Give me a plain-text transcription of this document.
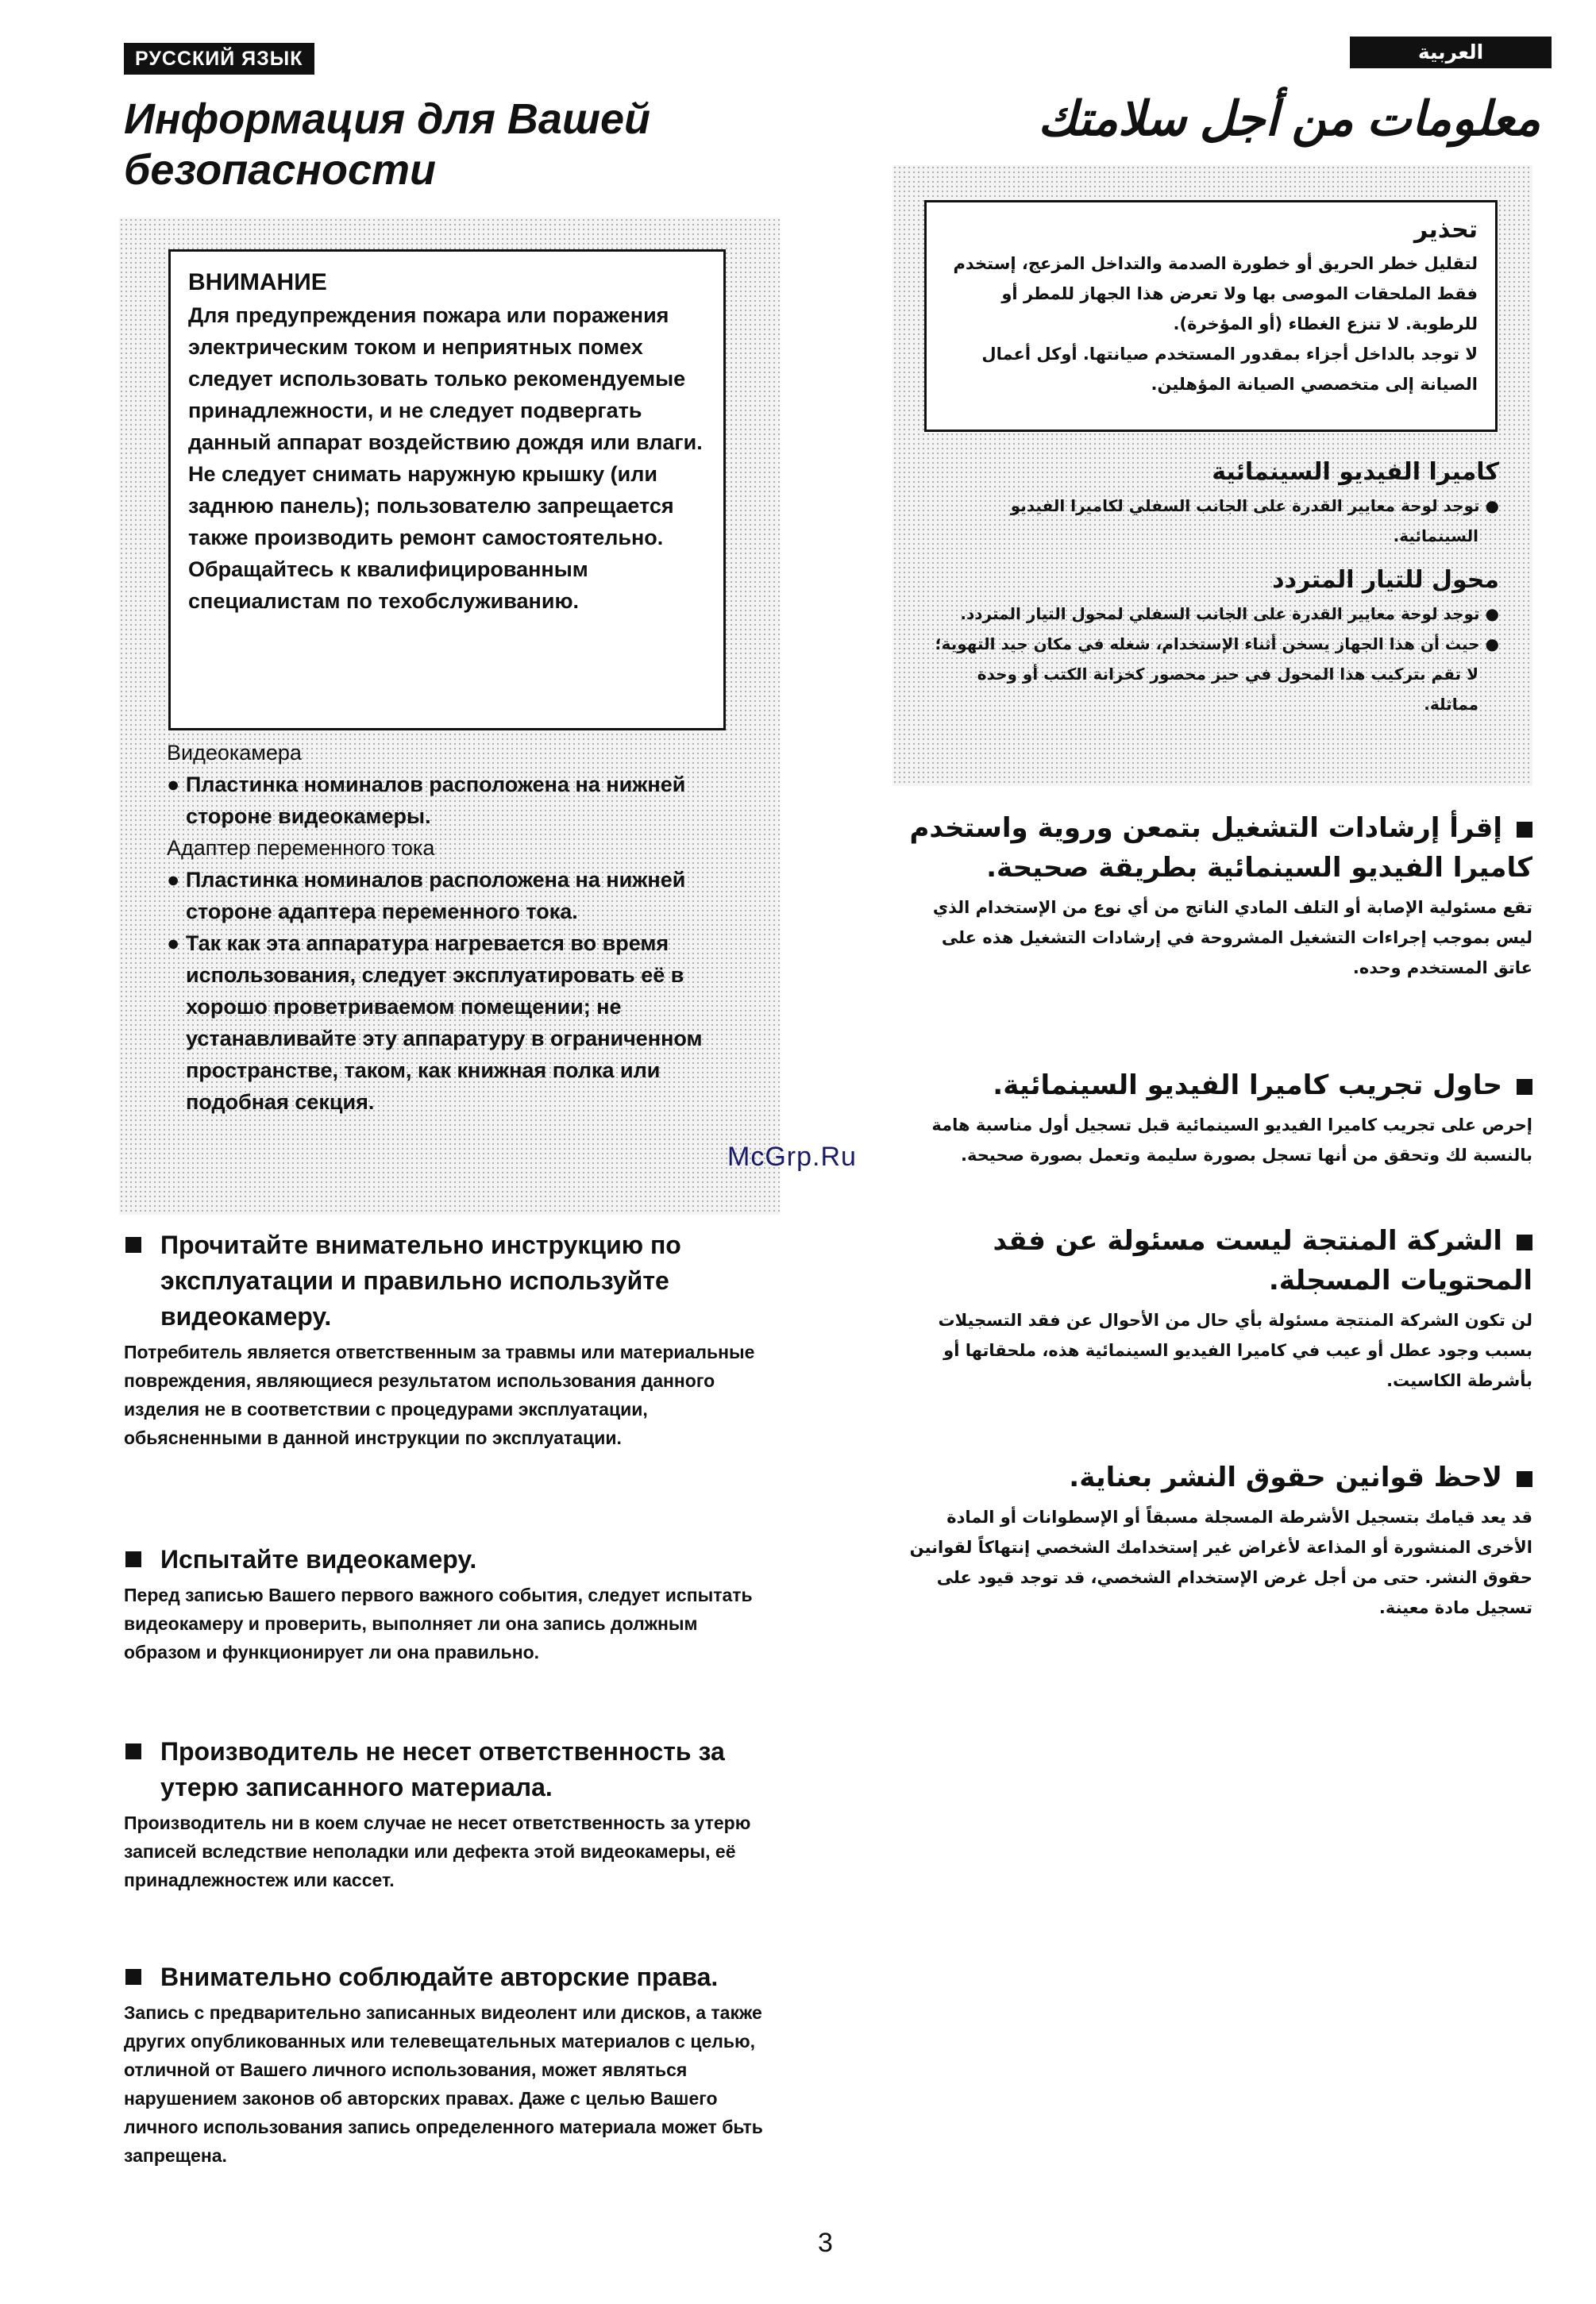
РУССКИЙ ЯЗЫК	العربية
Информация для Вашей
безопасности
معلومات من أجل سلامتك
ВНИМАНИЕ
Для предупреждения пожара или поражения электрическим током и неприятных помех следует использовать только рекомендуемые принадлежности, и не следует подвергать данный аппарат воздействию дождя или влаги. Не следует снимать наружную крышку (или заднюю панель); пользователю запрещается также производить ремонт самостоятельно. Обращайтесь к квалифицированным специалистам по техобслуживанию.
Видеокамера

● Пластинка номиналов расположена на нижней стороне видеокамеры.

Адаптер переменного тока

● Пластинка номиналов расположена на нижней стороне адаптера переменного тока.

● Так как эта аппаратура нагревается во время использования, следует эксплуатировать её в хорошо проветриваемом помещении; не устанавливайте эту аппаратуру в ограниченном пространстве, таком, как книжная полка или подобная секция.

تحذير

لتقليل خطر الحريق أو خطورة الصدمة والتداخل المزعج، إستخدم فقط الملحقات الموصى بها ولا تعرض هذا الجهاز للمطر أو للرطوبة. لا تنزع الغطاء (أو المؤخرة).

لا توجد بالداخل أجزاء بمقدور المستخدم صيانتها. أوكل أعمال الصيانة إلى متخصصي الصيانة المؤهلين.

كاميرا الفيديو السينمائية

● توجد لوحة معايير القدرة على الجانب السفلي لكاميرا الفيديو السينمائية.

محول للتيار المتردد

● توجد لوحة معايير القدرة على الجانب السفلي لمحول التيار المتردد.

● حيث أن هذا الجهاز يسخن أثناء الإستخدام، شغله في مكان جيد التهوية؛ لا تقم بتركيب هذا المحول في حيز محصور كخزانة الكتب أو وحدة مماثلة.

McGrp.Ru

Прочитайте внимательно инструкцию по эксплуатации и правильно используйте видеокамеру.

Потребитель является ответственным за травмы или материальные повреждения, являющиеся результатом использования данного изделия не в соответствии с процедурами эксплуатации, обьясненными в данной инструкции по эксплуатации.

Испытайте видеокамеру.

Перед записью Вашего первого важного события, следует испытать видеокамеру и проверить, выполняет ли она запись должным образом и функционирует ли она правильно.

Производитель не несет ответственность за утерю записанного материала.

Производитель ни в коем случае не несет ответственность за утерю записей вследствие неполадки или дефекта этой видеокамеры, её принадлежностеж или кассет.

Внимательно соблюдайте авторские права.

Запись с предварительно записанных видеолент или дисков, а также других опубликованных или телевещательных материалов с целью, отличной от Вашего личного использования, может являться нарушением законов об авторских правах. Даже с целью Вашего личного использования запись определенного материала может бьть запрещена.

إقرأ إرشادات التشغيل بتمعن وروية واستخدم كاميرا الفيديو السينمائية بطريقة صحيحة.

تقع مسئولية الإصابة أو التلف المادي الناتج من أي نوع من الإستخدام الذي ليس بموجب إجراءات التشغيل المشروحة في إرشادات التشغيل هذه على عاتق المستخدم وحده.

حاول تجريب كاميرا الفيديو السينمائية.

إحرص على تجريب كاميرا الفيديو السينمائية قبل تسجيل أول مناسبة هامة بالنسبة لك وتحقق من أنها تسجل بصورة سليمة وتعمل بصورة صحيحة.

الشركة المنتجة ليست مسئولة عن فقد المحتويات المسجلة.

لن تكون الشركة المنتجة مسئولة بأي حال من الأحوال عن فقد التسجيلات بسبب وجود عطل أو عيب في كاميرا الفيديو السينمائية هذه، ملحقاتها أو بأشرطة الكاسيت.

لاحظ قوانين حقوق النشر بعناية.

قد يعد قيامك بتسجيل الأشرطة المسجلة مسبقاً أو الإسطوانات أو المادة الأخرى المنشورة أو المذاعة لأغراض غير إستخدامك الشخصي إنتهاكاً لقوانين حقوق النشر. حتى من أجل غرض الإستخدام الشخصي، قد توجد قيود على تسجيل مادة معينة.

3
